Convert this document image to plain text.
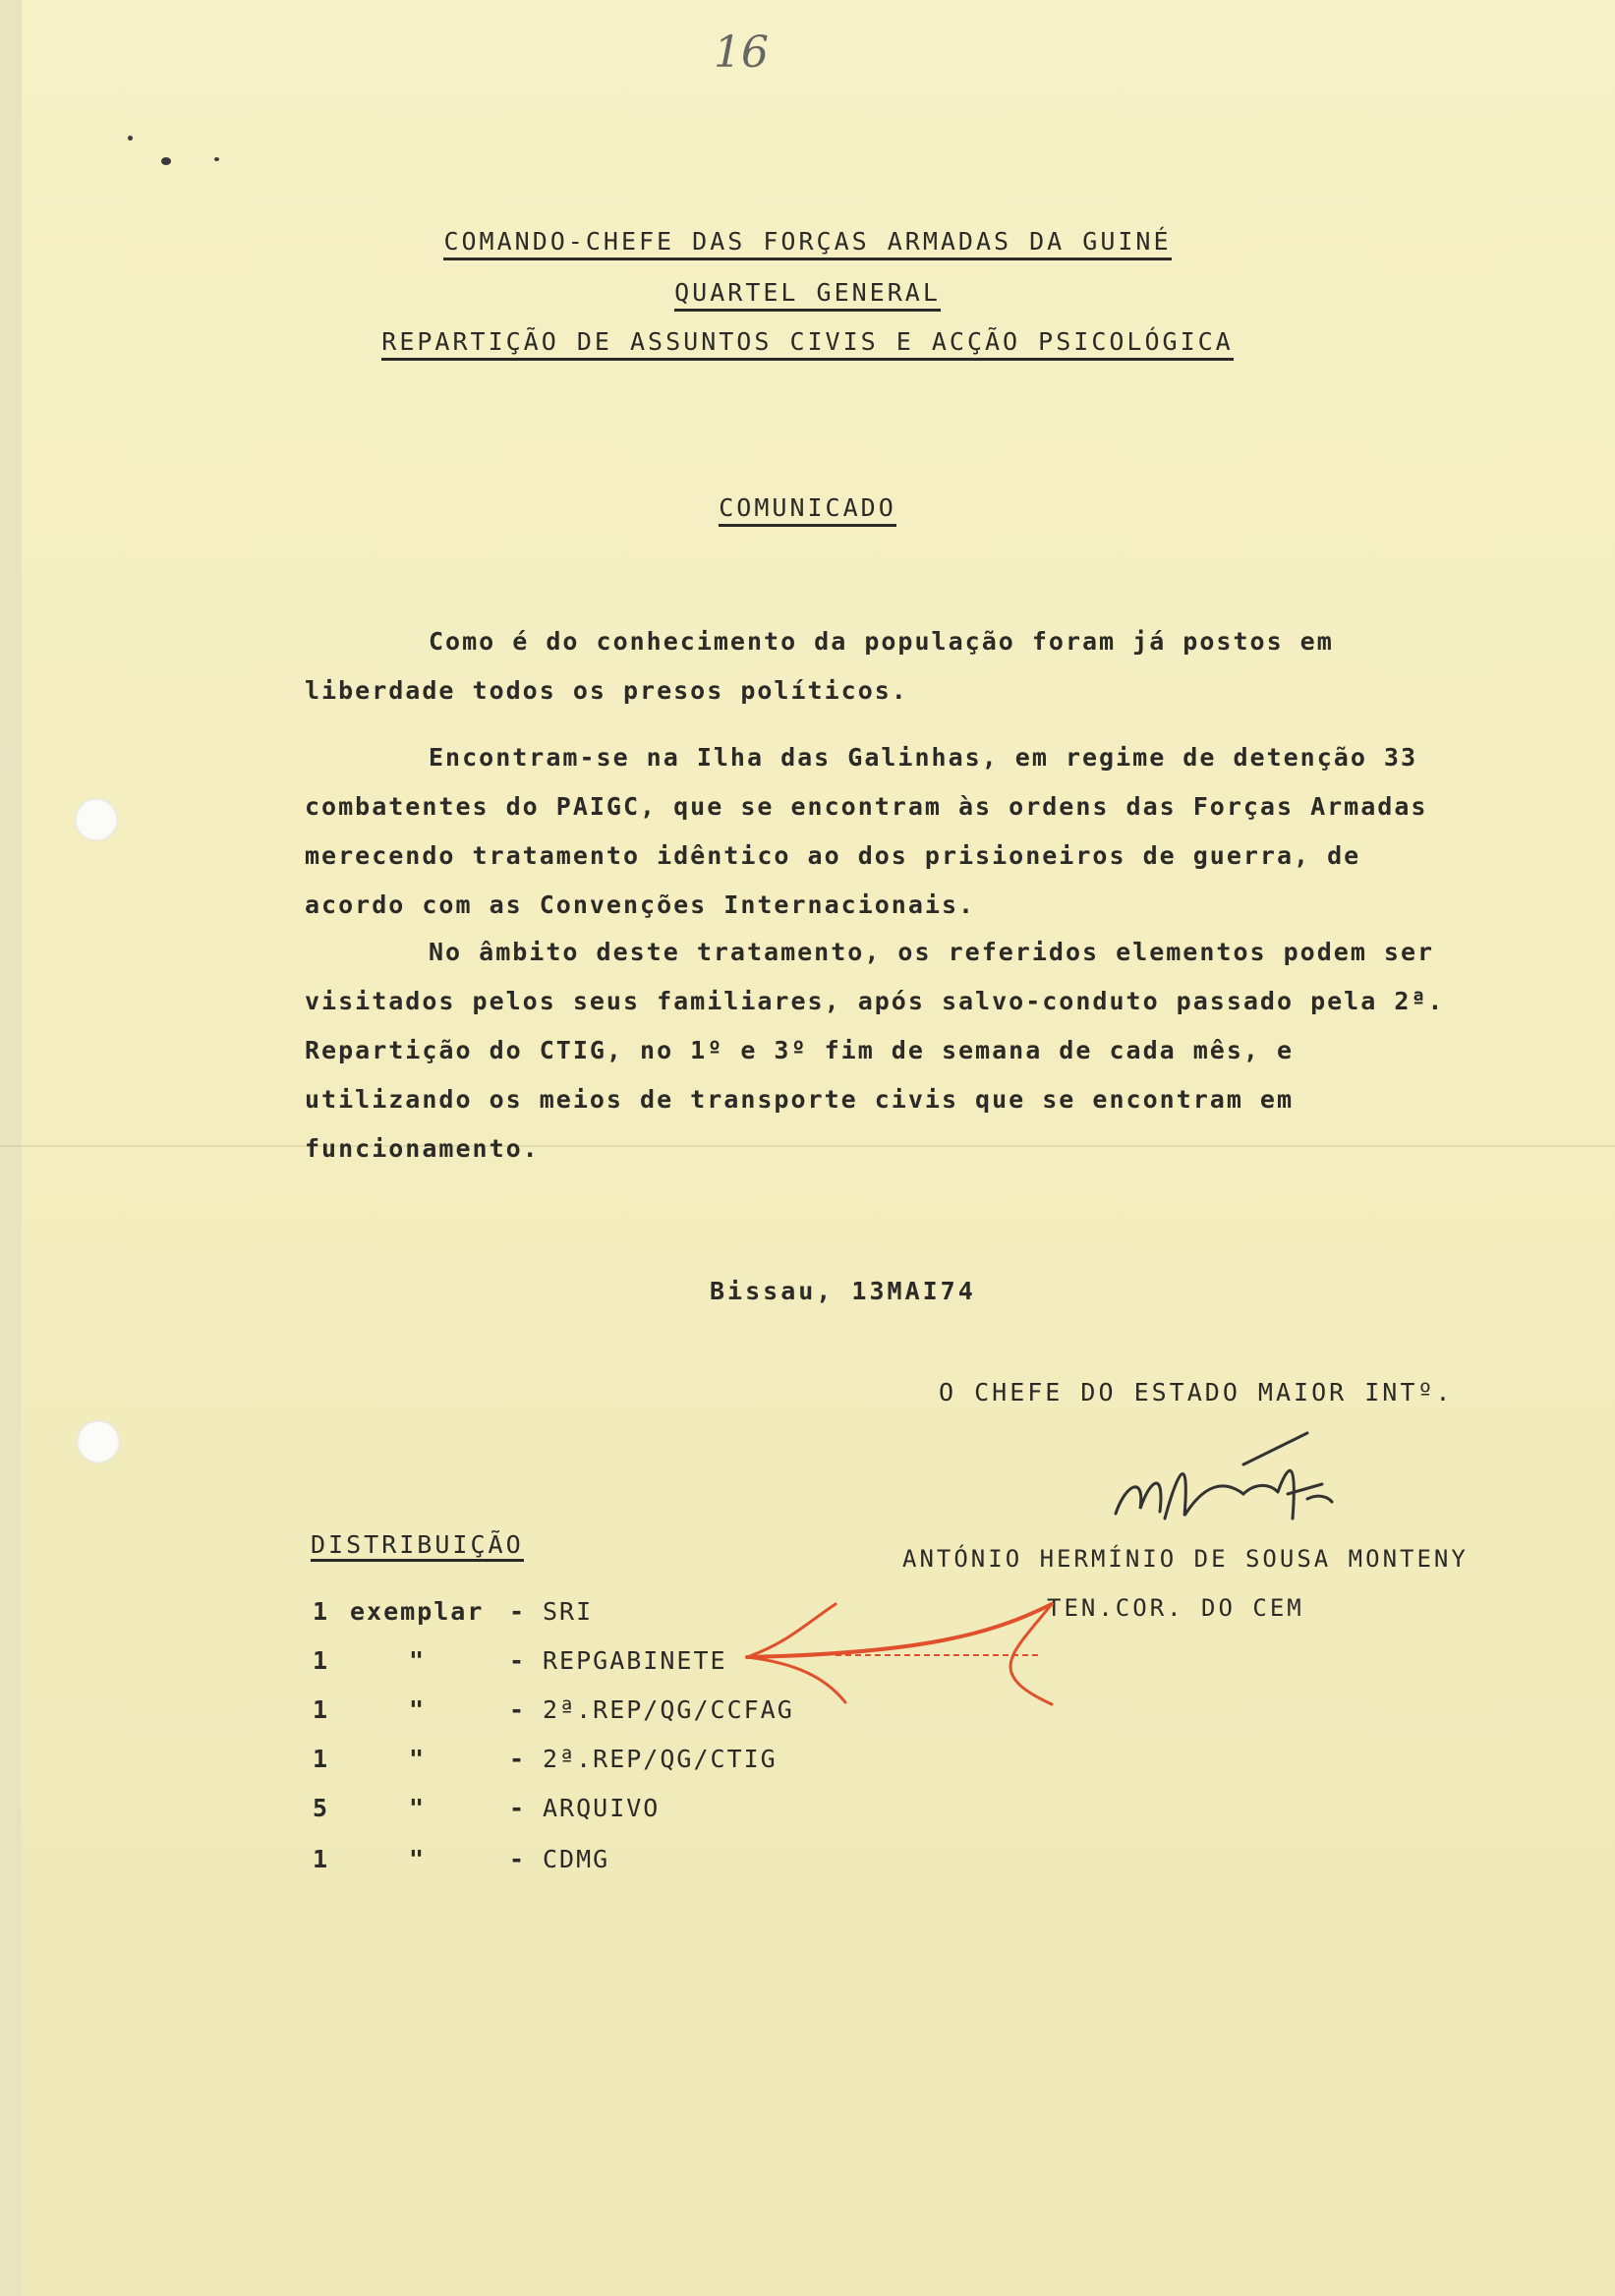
16
COMANDO-CHEFE DAS FORÇAS ARMADAS DA GUINÉ
QUARTEL GENERAL
REPARTIÇÃO DE ASSUNTOS CIVIS E ACÇÃO PSICOLÓGICA
COMUNICADO

Como é do conhecimento da população foram já postos em liberdade todos os presos políticos.

Encontram-se na Ilha das Galinhas, em regime de detenção 33 combatentes do PAIGC, que se encontram às ordens das Forças Armadas merecendo tratamento idêntico ao dos prisioneiros de guerra, de acordo com as Convenções Internacionais.

No âmbito deste tratamento, os referidos elementos podem ser visitados pelos seus familiares, após salvo-conduto passado pela 2ª. Repartição do CTIG, no 1º e 3º fim de semana de cada mês, e utilizando os meios de transporte civis que se encontram em funcionamento.

Bissau, 13MAI74
O CHEFE DO ESTADO MAIOR INTº.
ANTÓNIO HERMÍNIO DE SOUSA MONTENY
TEN.COR. DO CEM
DISTRIBUIÇÃO
1 exemplar	- SRI
1	"	- REPGABINETE
1	"	- 2ª.REP/QG/CCFAG
1	"	- 2ª.REP/QG/CTIG
5	"	- ARQUIVO
1	"	- CDMG
